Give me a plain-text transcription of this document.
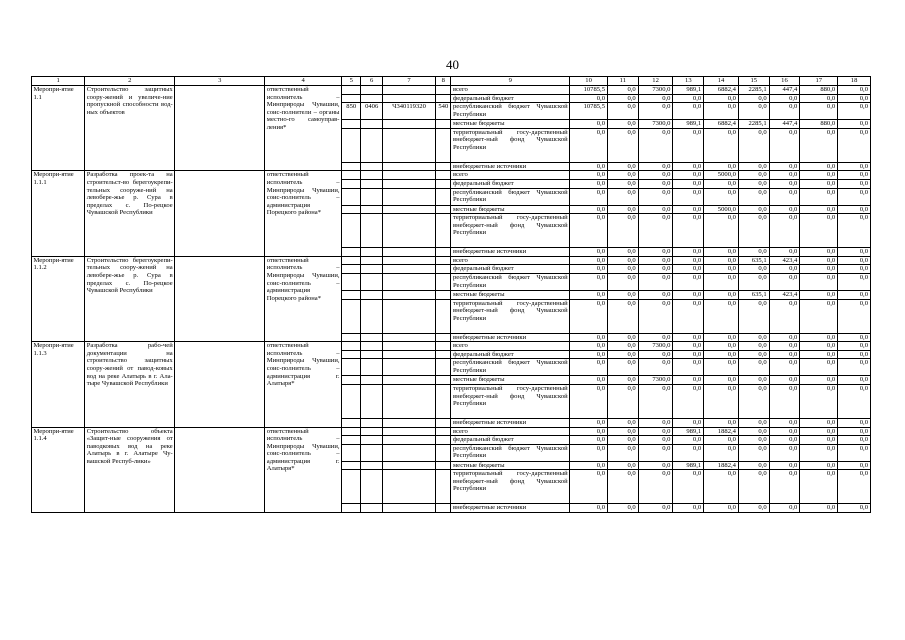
40
1	2	3	4	5	6	7	8	9	10	11	12	13	14	15	16	17	18
Меропри-ятие 1.1	Строительство защитных соору-жений и увеличе-ние пропускной способности вод-ных объектов		ответственный исполнитель – Минприроды Чувашии, соис-полнители – органы местно-го самоуправ-ления*					всего	10785,5	0,0	7300,0	989,1	6882,4	2285,1	447,4	880,0	0,0
								федеральный бюджет	0,0	0,0	0,0	0,0	0,0	0,0	0,0	0,0	0,0
				850	0406	Ч340119320	540	республиканский бюджет Чувашской Республики	10785,5	0,0	0,0	0,0	0,0	0,0	0,0	0,0	0,0
								местные бюджеты	0,0	0,0	7300,0	989,1	6882,4	2285,1	447,4	880,0	0,0
								территориальный госу-дарственный внебюджет-ный фонд Чувашской Республики	0,0	0,0	0,0	0,0	0,0	0,0	0,0	0,0	0,0
								внебюджетные источники	0,0	0,0	0,0	0,0	0,0	0,0	0,0	0,0	0,0
Меропри-ятие 1.1.1	Разработка проек-та на строительст-во берегоукрепи-тельных сооруже-ний на левобере-жье р. Сура в пределах с. По-рецкое Чувашской Республики		ответственный исполнитель – Минприроды Чувашии, соис-полнитель – администрация Порецкого района*					всего	0,0	0,0	0,0	0,0	5000,0	0,0	0,0	0,0	0,0
								федеральный бюджет	0,0	0,0	0,0	0,0	0,0	0,0	0,0	0,0	0,0
								республиканский бюджет Чувашской Республики	0,0	0,0	0,0	0,0	0,0	0,0	0,0	0,0	0,0
								местные бюджеты	0,0	0,0	0,0	0,0	5000,0	0,0	0,0	0,0	0,0
								территориальный госу-дарственный внебюджет-ный фонд Чувашской Республики	0,0	0,0	0,0	0,0	0,0	0,0	0,0	0,0	0,0
								внебюджетные источники	0,0	0,0	0,0	0,0	0,0	0,0	0,0	0,0	0,0
Меропри-ятие 1.1.2	Строительство берегоукрепи-тельных соору-жений на левобере-жье р. Сура в пределах с. По-рецкое Чувашской Республики		ответственный исполнитель – Минприроды Чувашии, соис-полнитель – администрация Порецкого района*					всего	0,0	0,0	0,0	0,0	0,0	635,1	423,4	0,0	0,0
								федеральный бюджет	0,0	0,0	0,0	0,0	0,0	0,0	0,0	0,0	0,0
								республиканский бюджет Чувашской Республики	0,0	0,0	0,0	0,0	0,0	0,0	0,0	0,0	0,0
								местные бюджеты	0,0	0,0	0,0	0,0	0,0	635,1	423,4	0,0	0,0
								территориальный госу-дарственный внебюджет-ный фонд Чувашской Республики	0,0	0,0	0,0	0,0	0,0	0,0	0,0	0,0	0,0
								внебюджетные источники	0,0	0,0	0,0	0,0	0,0	0,0	0,0	0,0	0,0
Меропри-ятие 1.1.3	Разработка рабо-чей документации на строительство защитных соору-жений от павод-ковых вод на реке Алатырь в г. Ала-тыре Чувашской Республики		ответственный исполнитель – Минприроды Чувашии, соис-полнитель – администрация г. Алатыря*					всего	0,0	0,0	7300,0	0,0	0,0	0,0	0,0	0,0	0,0
								федеральный бюджет	0,0	0,0	0,0	0,0	0,0	0,0	0,0	0,0	0,0
								республиканский бюджет Чувашской Республики	0,0	0,0	0,0	0,0	0,0	0,0	0,0	0,0	0,0
								местные бюджеты	0,0	0,0	7300,0	0,0	0,0	0,0	0,0	0,0	0,0
								территориальный госу-дарственный внебюджет-ный фонд Чувашской Республики	0,0	0,0	0,0	0,0	0,0	0,0	0,0	0,0	0,0
								внебюджетные источники	0,0	0,0	0,0	0,0	0,0	0,0	0,0	0,0	0,0
Меропри-ятие 1.1.4	Строительство объекта «Защит-ные сооружения от паводковых вод на реке Алатырь в г. Алатыре Чу-вашской Респуб-лики»		ответственный исполнитель – Минприроды Чувашии, соис-полнитель – администрация г. Алатыря*					всего	0,0	0,0	0,0	989,1	1882,4	0,0	0,0	0,0	0,0
								федеральный бюджет	0,0	0,0	0,0	0,0	0,0	0,0	0,0	0,0	0,0
								республиканский бюджет Чувашской Республики	0,0	0,0	0,0	0,0	0,0	0,0	0,0	0,0	0,0
								местные бюджеты	0,0	0,0	0,0	989,1	1882,4	0,0	0,0	0,0	0,0
								территориальный госу-дарственный внебюджет-ный фонд Чувашской Республики	0,0	0,0	0,0	0,0	0,0	0,0	0,0	0,0	0,0
								внебюджетные источники	0,0	0,0	0,0	0,0	0,0	0,0	0,0	0,0	0,0
